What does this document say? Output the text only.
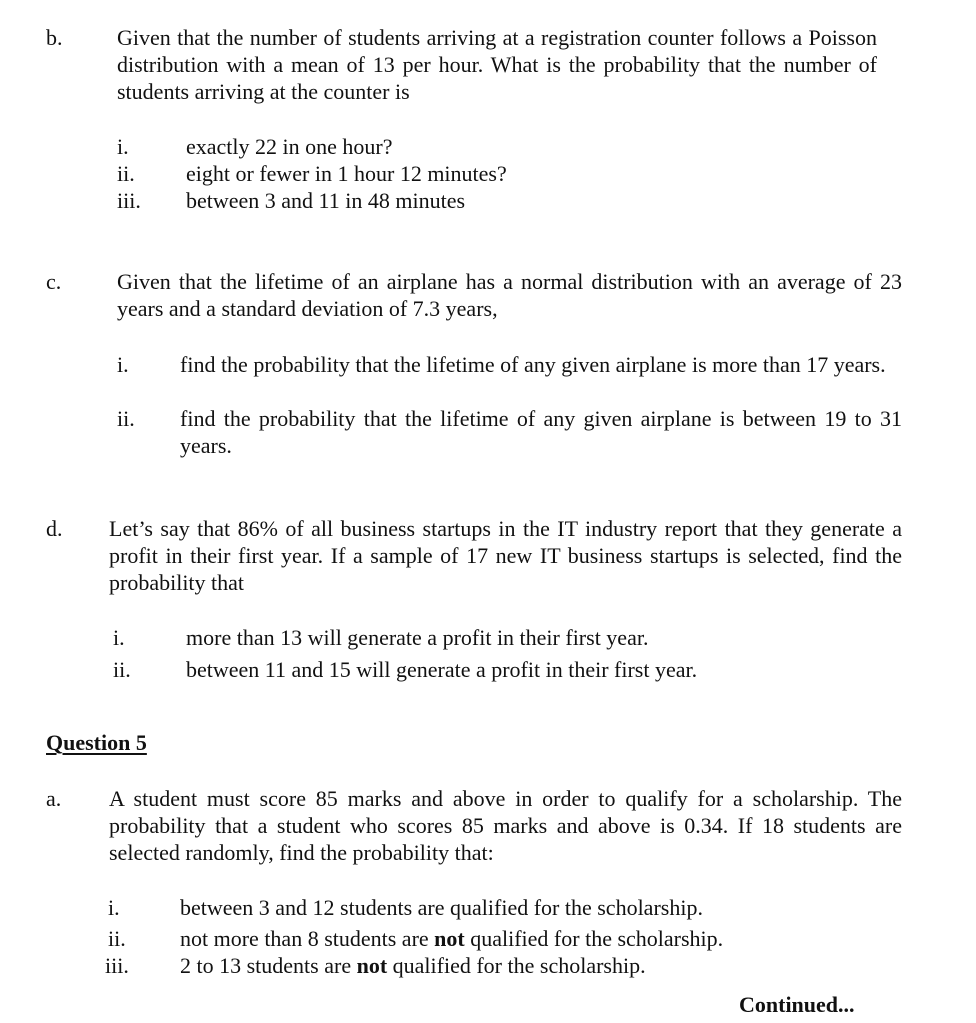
b. Given that the number of students arriving at a registration counter follows a Poisson distribution with a mean of 13 per hour. What is the probability that the number of students arriving at the counter is
i.	exactly 22 in one hour?
ii. eight or fewer in 1 hour 12 minutes?
iii. between 3 and 11 in 48 minutes
c.	Given that the lifetime of an airplane has a normal distribution with an average of 23 years and a standard deviation of 7.3 years,
i. find the probability that the lifetime of any given airplane is more than 17 years.
ii. find the probability that the lifetime of any given airplane is between 19 to 31 years.
d. Let’s say that 86% of all business startups in the IT industry report that they generate a profit in their first year. If a sample of 17 new IT business startups is selected, find the probability that
i.	more than 13 will generate a profit in their first year.
ii.	between 11 and 15 will generate a profit in their first year.
Question 5
a. A student must score 85 marks and above in order to qualify for a scholarship. The probability that a student who scores 85 marks and above is 0.34. If 18 students are selected randomly, find the probability that:
i.	between 3 and 12 students are qualified for the scholarship.
ii. not more than 8 students are not qualified for the scholarship.
iii. 2 to 13 students are not qualified for the scholarship.
Continued...
